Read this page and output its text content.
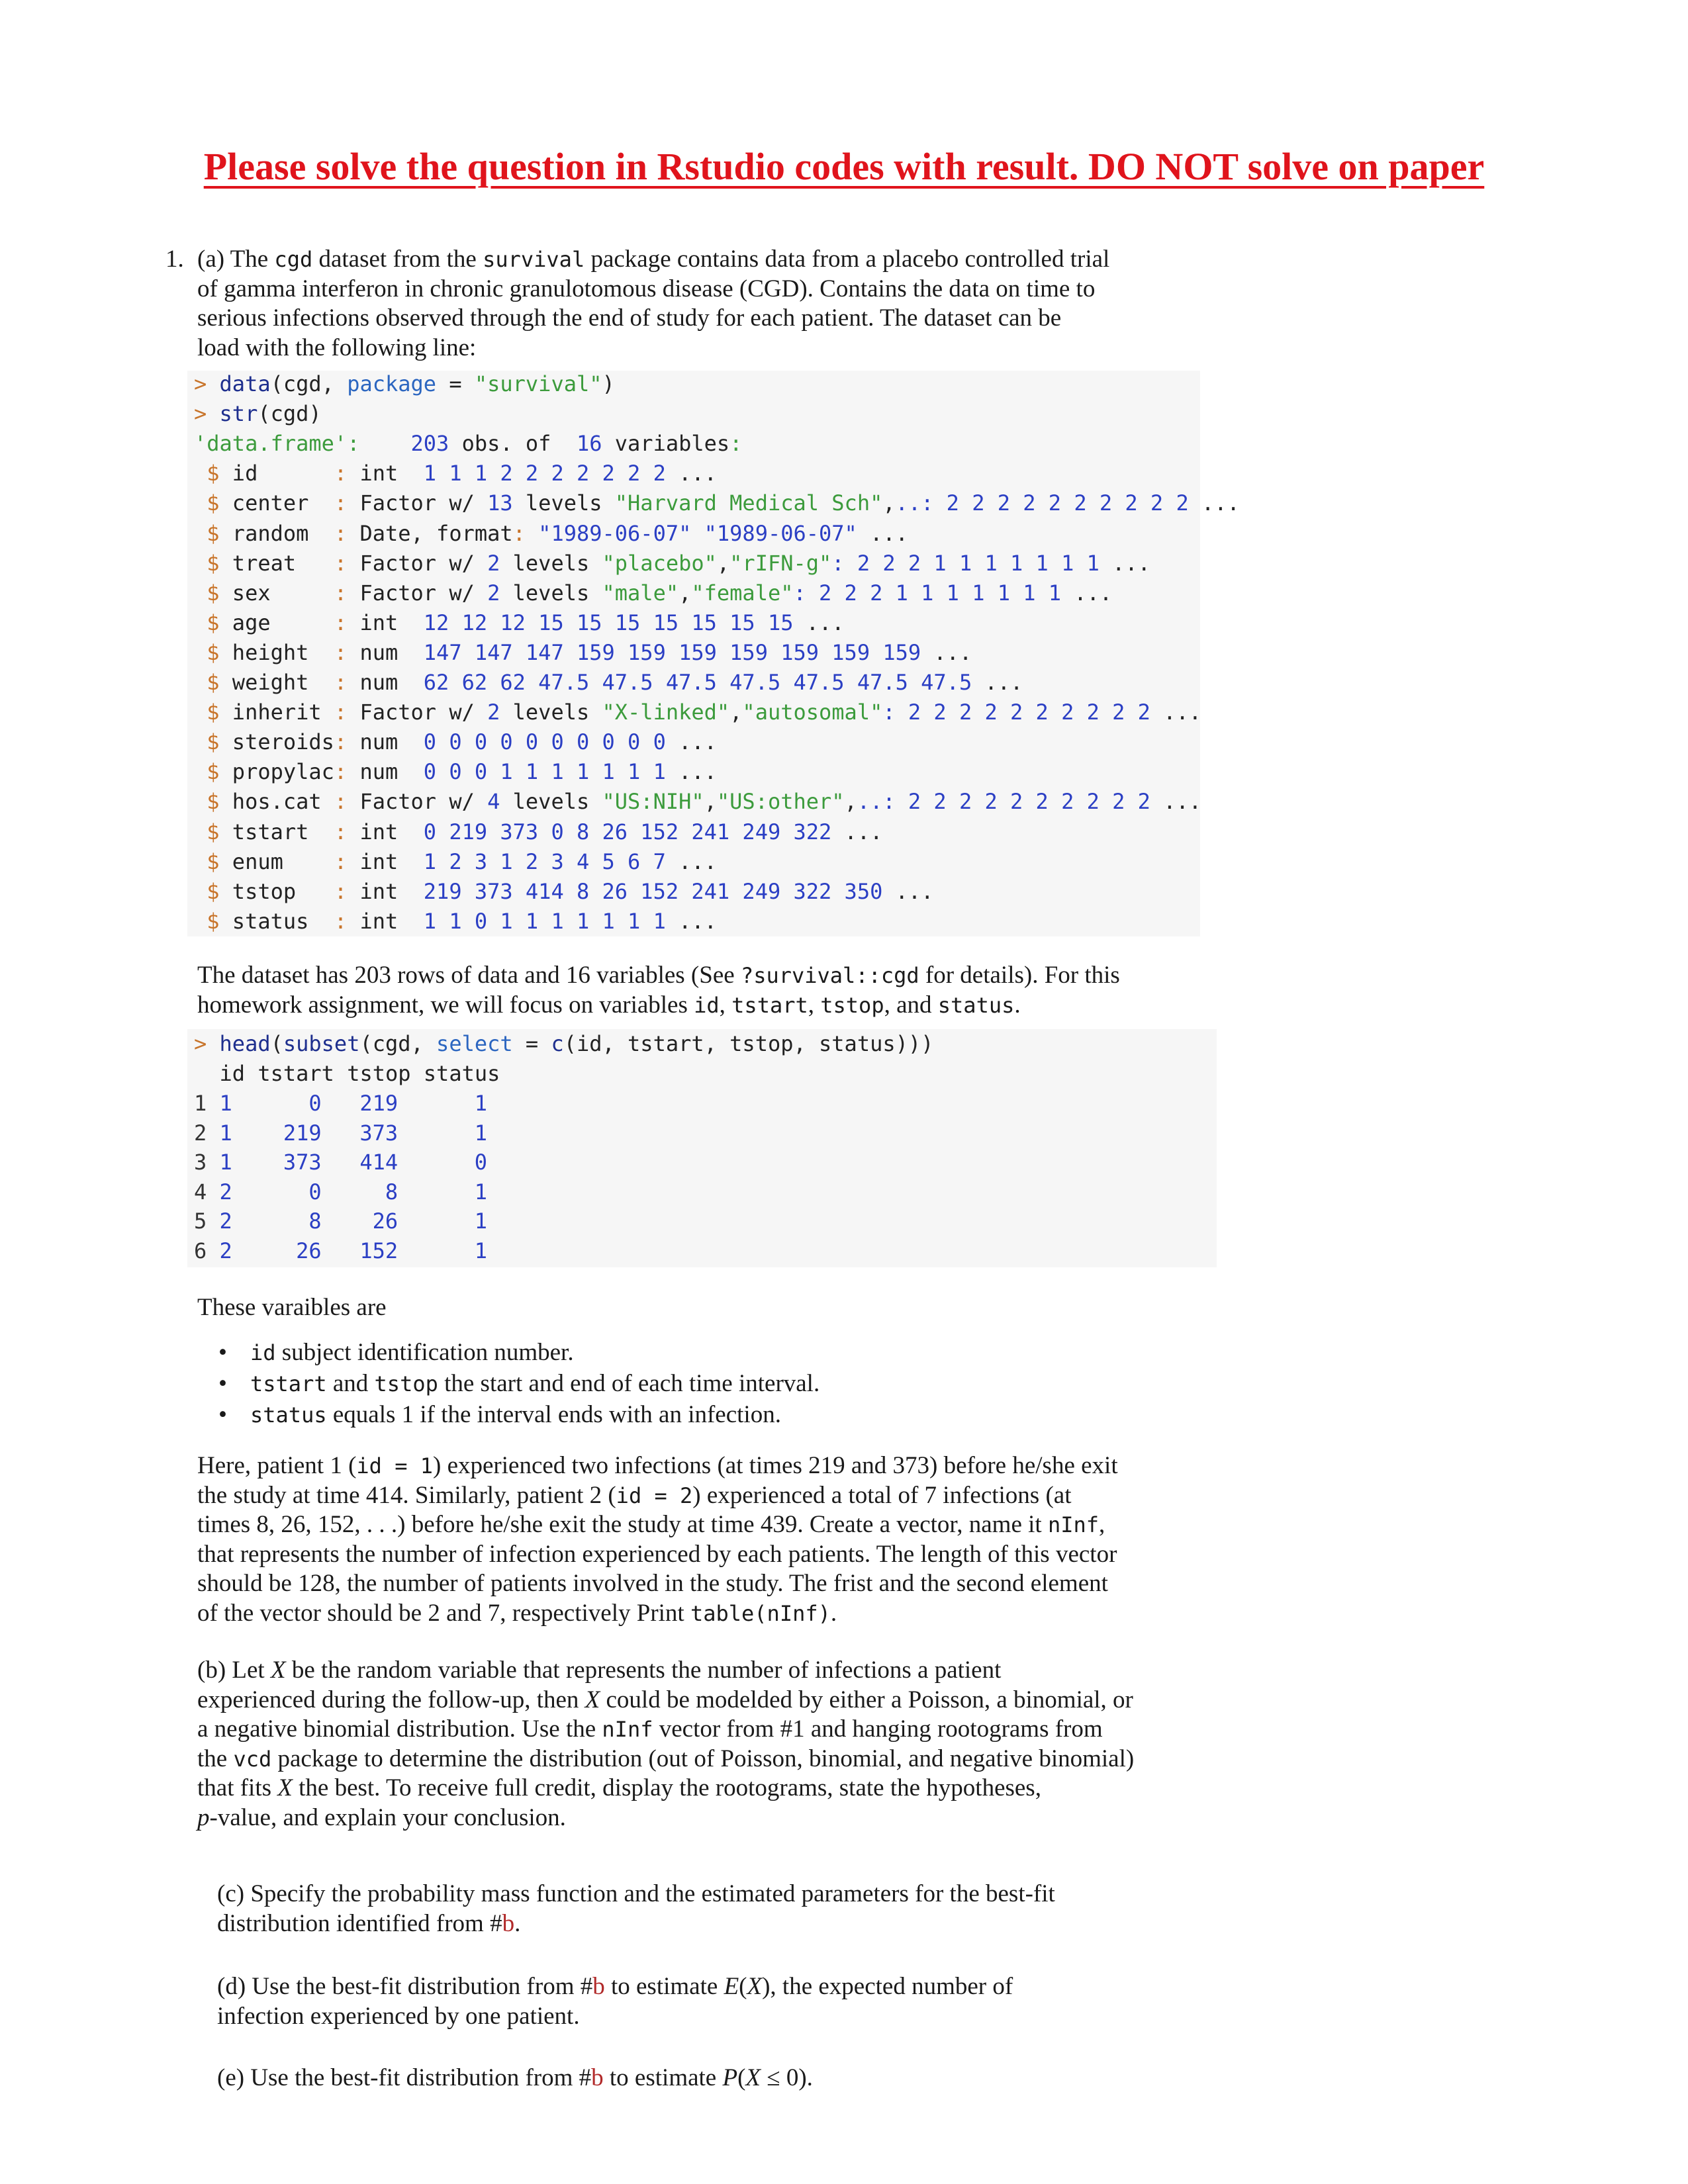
Please solve the question in Rstudio codes with result. DO NOT solve on paper
1. (a) The cgd dataset from the survival package contains data from a placebo controlled trial
of gamma interferon in chronic granulotomous disease (CGD). Contains the data on time to
serious infections observed through the end of study for each patient. The dataset can be
load with the following line:
> data(cgd, package = "survival")
> str(cgd)
'data.frame': 203 obs. of  16 variables:
$ id      : int  1 1 1 2 2 2 2 2 2 2 ...
$ center  : Factor w/ 13 levels "Harvard Medical Sch",..: 2 2 2 2 2 2 2 2 2 2 ...
$ random  : Date, format: "1989-06-07" "1989-06-07" ...
$ treat   : Factor w/ 2 levels "placebo","rIFN-g": 2 2 2 1 1 1 1 1 1 1 ...
$ sex     : Factor w/ 2 levels "male","female": 2 2 2 1 1 1 1 1 1 1 ...
$ age     : int  12 12 12 15 15 15 15 15 15 15 ...
$ height  : num  147 147 147 159 159 159 159 159 159 159 ...
$ weight  : num  62 62 62 47.5 47.5 47.5 47.5 47.5 47.5 47.5 ...
$ inherit : Factor w/ 2 levels "X-linked","autosomal": 2 2 2 2 2 2 2 2 2 2 ...
$ steroids: num  0 0 0 0 0 0 0 0 0 0 ...
$ propylac: num  0 0 0 1 1 1 1 1 1 1 ...
$ hos.cat : Factor w/ 4 levels "US:NIH","US:other",..: 2 2 2 2 2 2 2 2 2 2 ...
$ tstart  : int  0 219 373 0 8 26 152 241 249 322 ...
$ enum    : int  1 2 3 1 2 3 4 5 6 7 ...
$ tstop   : int  219 373 414 8 26 152 241 249 322 350 ...
$ status  : int  1 1 0 1 1 1 1 1 1 1 ...
The dataset has 203 rows of data and 16 variables (See ?survival::cgd for details). For this
homework assignment, we will focus on variables id, tstart, tstop, and status.
> head(subset(cgd, select = c(id, tstart, tstop, status)))
id tstart tstop status
1 1	0 219	1
2 1 219 373	1
3 1 373 414	0
4 2	0	8	1
5 2	8 26	1
6 2	26 152	1
These varaibles are
• id subject identification number.
• tstart and tstop the start and end of each time interval.
• status equals 1 if the interval ends with an infection.
Here, patient 1 (id = 1) experienced two infections (at times 219 and 373) before he/she exit
the study at time 414. Similarly, patient 2 (id = 2) experienced a total of 7 infections (at
times 8, 26, 152, . . .) before he/she exit the study at time 439. Create a vector, name it nInf,
that represents the number of infection experienced by each patients. The length of this vector
should be 128, the number of patients involved in the study. The frist and the second element
of the vector should be 2 and 7, respectively Print table(nInf).
(b) Let X be the random variable that represents the number of infections a patient
experienced during the follow-up, then X could be modelded by either a Poisson, a binomial, or
a negative binomial distribution. Use the nInf vector from #1 and hanging rootograms from
the vcd package to determine the distribution (out of Poisson, binomial, and negative binomial)
that fits X the best. To receive full credit, display the rootograms, state the hypotheses,
p-value, and explain your conclusion.
(c) Specify the probability mass function and the estimated parameters for the best-fit
distribution identified from #b.
(d) Use the best-fit distribution from #b to estimate E(X), the expected number of
infection experienced by one patient.
(e) Use the best-fit distribution from #b to estimate P(X ≤ 0).
